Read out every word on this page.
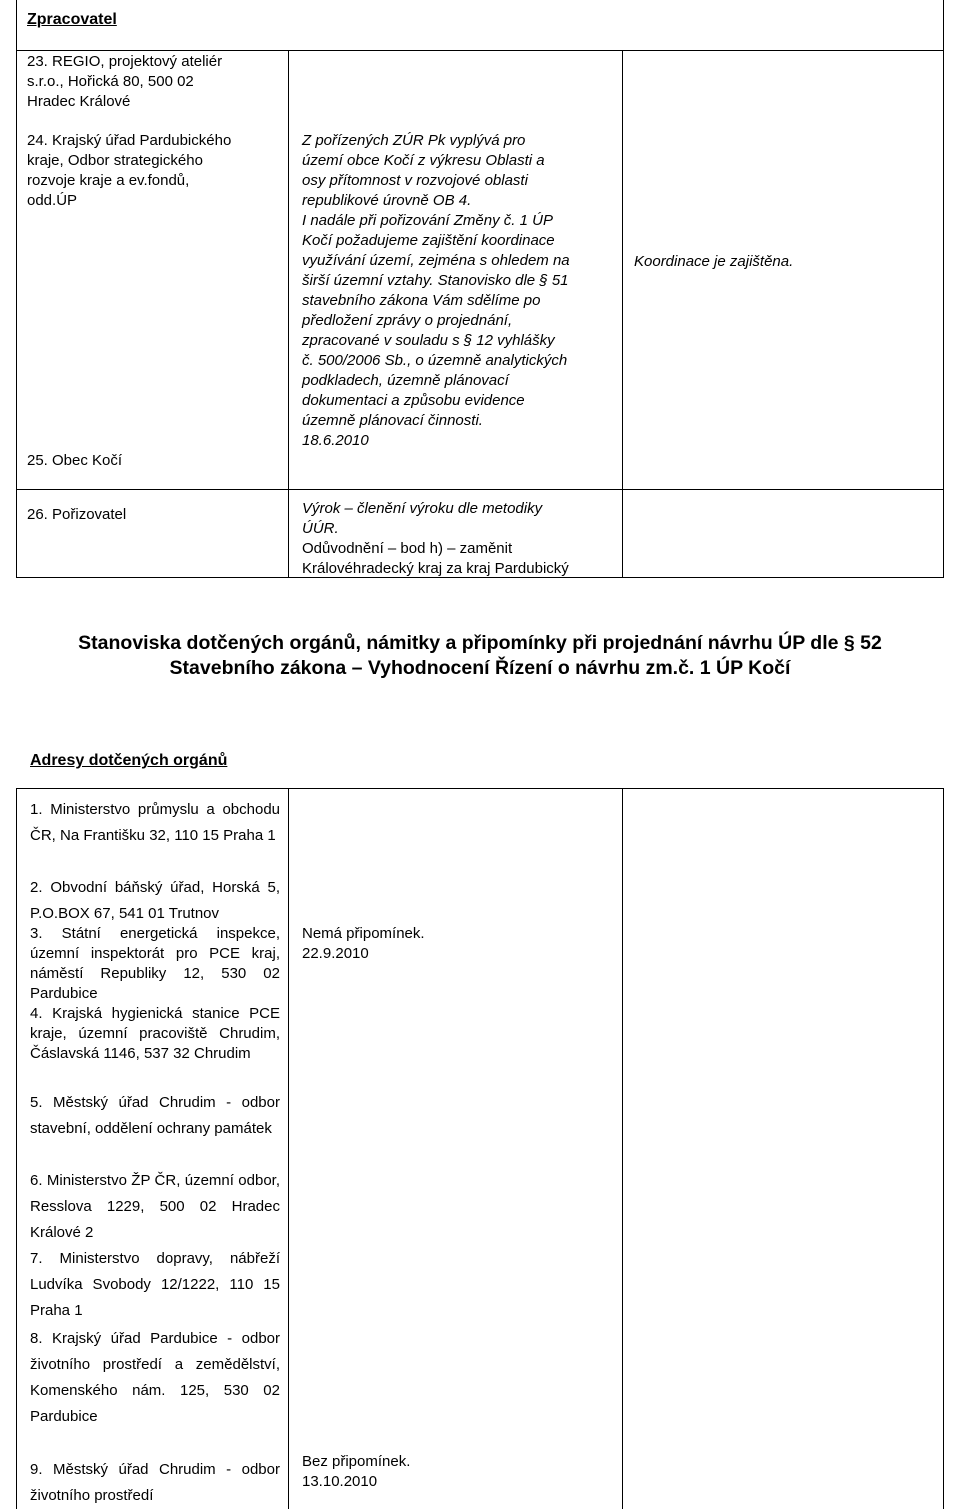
Zpracovatel
23. REGIO, projektový ateliér
s.r.o., Hořická 80, 500 02
Hradec Králové
24. Krajský úřad Pardubického
kraje, Odbor strategického
rozvoje kraje a ev.fondů,
odd.ÚP

25. Obec Kočí
Z pořízených ZÚR Pk vyplývá pro
území obce Kočí z výkresu Oblasti a
osy přítomnost v rozvojové oblasti
republikové úrovně OB 4.
I nadále při pořizování Změny č. 1 ÚP
Kočí požadujeme zajištění koordinace
využívání území, zejména s ohledem na
širší územní vztahy. Stanovisko dle § 51
stavebního zákona Vám sdělíme po
předložení zprávy o projednání,
zpracované v souladu s § 12 vyhlášky
č. 500/2006 Sb., o územně analytických
podkladech, územně plánovací
dokumentaci a způsobu evidence
územně plánovací činnosti.
18.6.2010
Koordinace je zajištěna.
26. Pořizovatel	Výrok – členění výroku dle metodiky
ÚÚR.
Odůvodnění – bod h) – zaměnit
Královéhradecký kraj za kraj Pardubický
Stanoviska dotčených orgánů, námitky a připomínky při projednání návrhu ÚP dle § 52
Stavebního zákona – Vyhodnocení Řízení o návrhu zm.č. 1 ÚP Kočí
Adresy dotčených orgánů
1. Ministerstvo průmyslu a obchodu ČR, Na Františku 32, 110 15 Praha 1
2. Obvodní báňský úřad, Horská 5, P.O.BOX 67, 541 01 Trutnov
3. Státní energetická inspekce, územní inspektorát pro PCE kraj, náměstí Republiky 12, 530 02 Pardubice
4. Krajská hygienická stanice PCE kraje, územní pracoviště Chrudim, Čáslavská 1146, 537 32 Chrudim
5. Městský úřad Chrudim - odbor stavební, oddělení ochrany památek
6. Ministerstvo ŽP ČR, územní odbor, Resslova 1229, 500 02 Hradec Králové 2
7. Ministerstvo dopravy, nábřeží Ludvíka Svobody 12/1222, 110 15 Praha 1
8. Krajský úřad Pardubice - odbor životního prostředí a zemědělství, Komenského nám. 125, 530 02 Pardubice
9. Městský úřad Chrudim - odbor životního prostředí
Nemá připomínek.
22.9.2010
Bez připomínek.
13.10.2010
